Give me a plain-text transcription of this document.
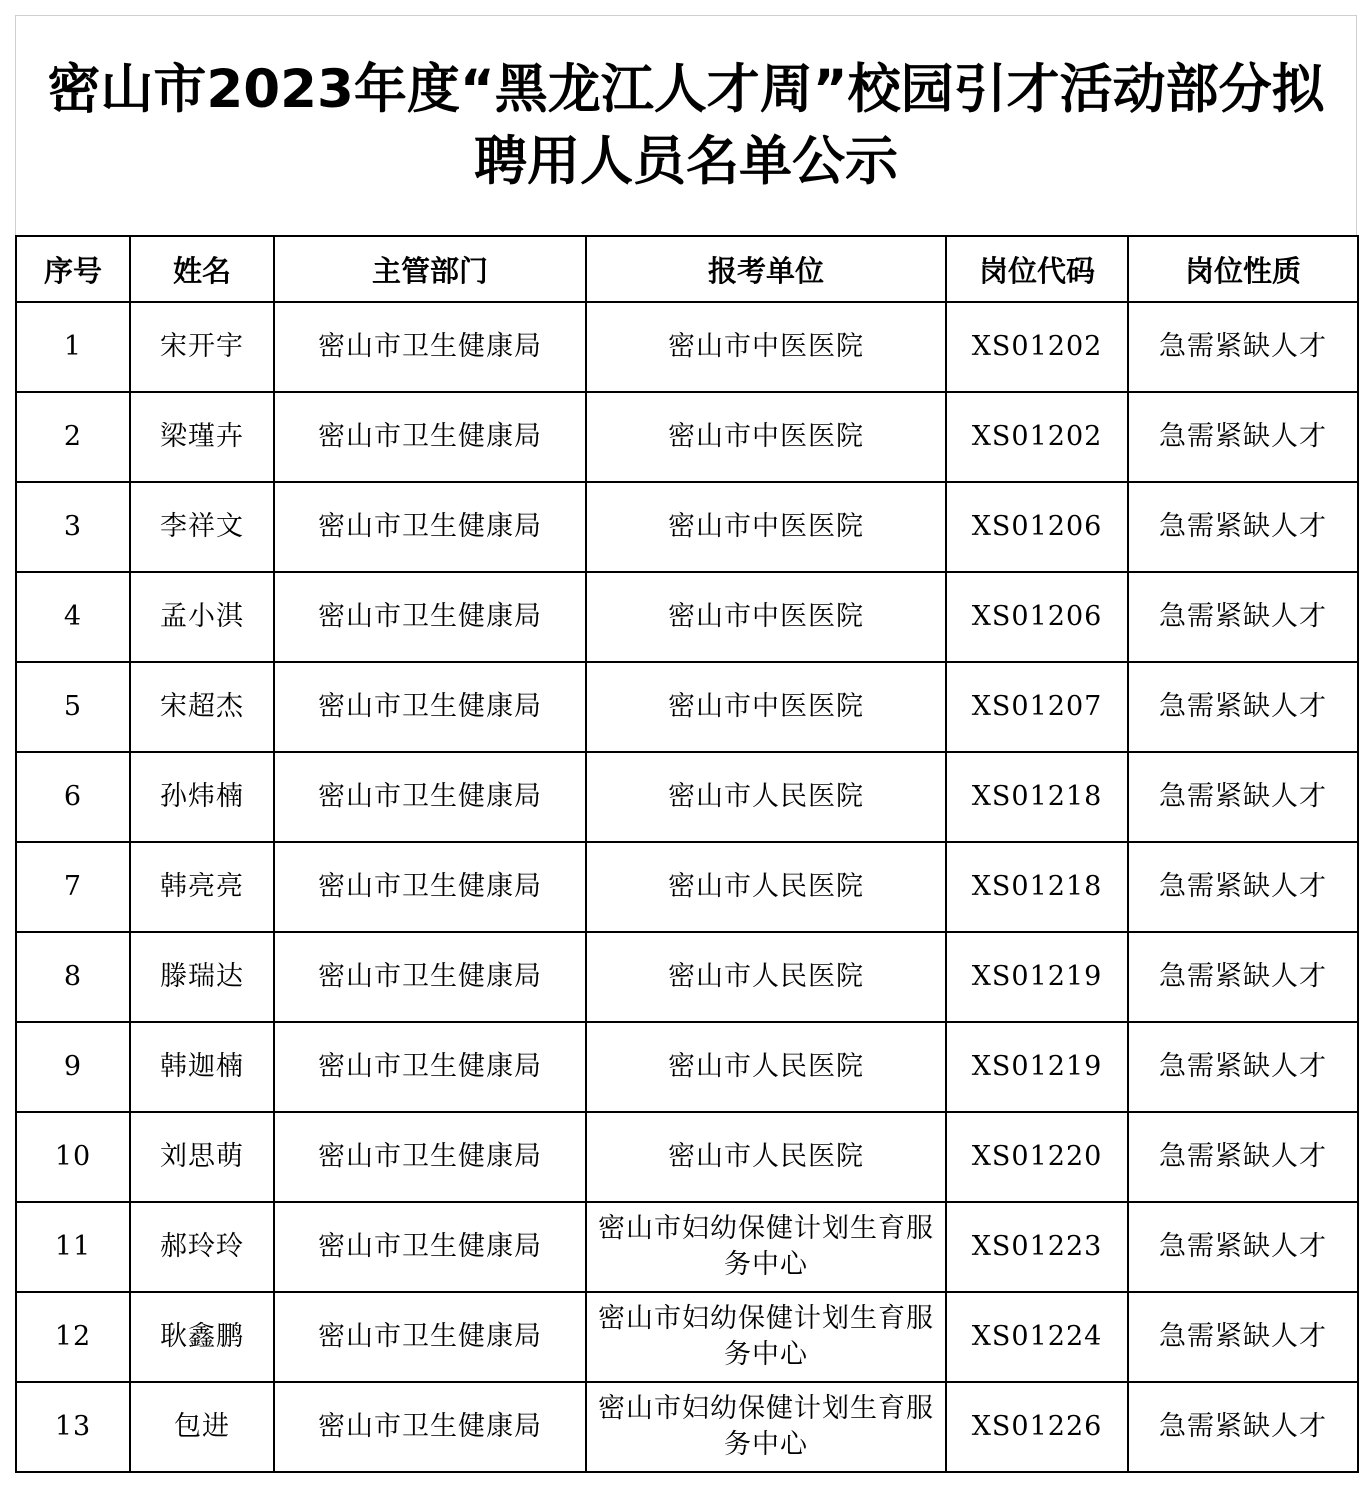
密山市2023年度“黑龙江人才周”校园引才活动部分拟聘用人员名单公示
序号	姓名	主管部门	报考单位	岗位代码	岗位性质
1	宋开宇	密山市卫生健康局	密山市中医医院	XS01202	急需紧缺人才
2	梁瑾卉	密山市卫生健康局	密山市中医医院	XS01202	急需紧缺人才
3	李祥文	密山市卫生健康局	密山市中医医院	XS01206	急需紧缺人才
4	孟小淇	密山市卫生健康局	密山市中医医院	XS01206	急需紧缺人才
5	宋超杰	密山市卫生健康局	密山市中医医院	XS01207	急需紧缺人才
6	孙炜楠	密山市卫生健康局	密山市人民医院	XS01218	急需紧缺人才
7	韩亮亮	密山市卫生健康局	密山市人民医院	XS01218	急需紧缺人才
8	滕瑞达	密山市卫生健康局	密山市人民医院	XS01219	急需紧缺人才
9	韩迦楠	密山市卫生健康局	密山市人民医院	XS01219	急需紧缺人才
10	刘思萌	密山市卫生健康局	密山市人民医院	XS01220	急需紧缺人才
11	郝玲玲	密山市卫生健康局	密山市妇幼保健计划生育服务中心	XS01223	急需紧缺人才
12	耿鑫鹏	密山市卫生健康局	密山市妇幼保健计划生育服务中心	XS01224	急需紧缺人才
13	包进	密山市卫生健康局	密山市妇幼保健计划生育服务中心	XS01226	急需紧缺人才
